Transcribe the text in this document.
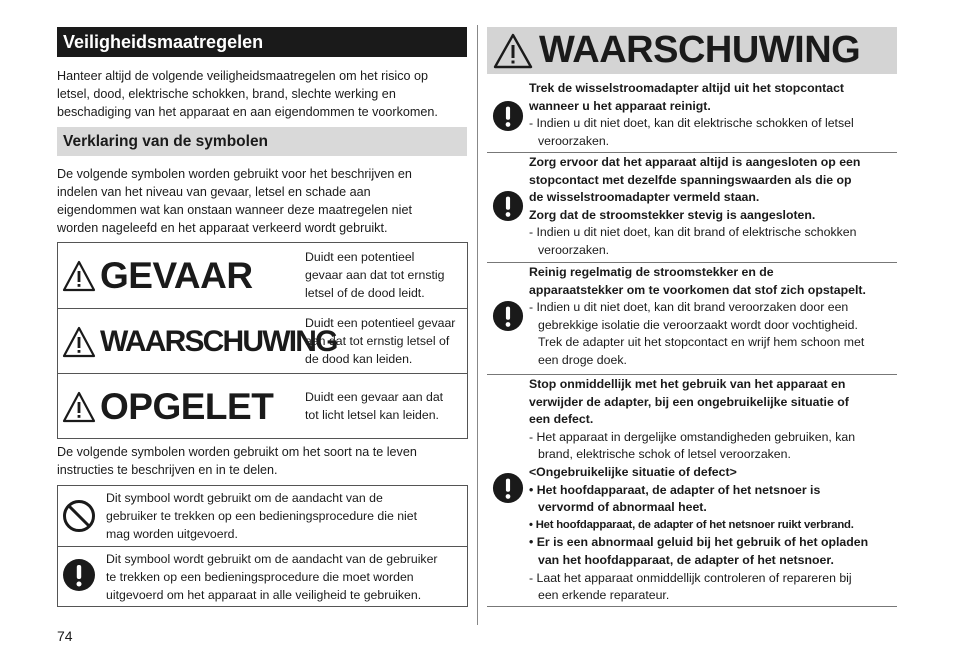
Veiligheidsmaatregelen
Hanteer altijd de volgende veiligheidsmaatregelen om het risico op
letsel, dood, elektrische schokken, brand, slechte werking en
beschadiging van het apparaat en aan eigendommen te voorkomen.
Verklaring van de symbolen
De volgende symbolen worden gebruikt voor het beschrijven en
indelen van het niveau van gevaar, letsel en schade aan
eigendommen wat kan onstaan wanneer deze maatregelen niet
worden nageleefd en het apparaat verkeerd wordt gebruikt.
GEVAAR	Duidt een potentieel
gevaar aan dat tot ernstig
letsel of de dood leidt.
WAARSCHUWING
Duidt een potentieel gevaar
aan dat tot ernstig letsel of
de dood kan leiden.
OPGELET	Duidt een gevaar aan dat
tot licht letsel kan leiden.
De volgende symbolen worden gebruikt om het soort na te leven
instructies te beschrijven en in te delen.
Dit symbool wordt gebruikt om de aandacht van de
gebruiker te trekken op een bedieningsprocedure die niet
mag worden uitgevoerd.
Dit symbool wordt gebruikt om de aandacht van de gebruiker
te trekken op een bedieningsprocedure die moet worden
uitgevoerd om het apparaat in alle veiligheid te gebruiken.
74
WAARSCHUWING
Trek de wisselstroomadapter altijd uit het stopcontact
wanneer u het apparaat reinigt.
- Indien u dit niet doet, kan dit elektrische schokken of letsel
veroorzaken.
Zorg ervoor dat het apparaat altijd is aangesloten op een
stopcontact met dezelfde spanningswaarden als die op
de wisselstroomadapter vermeld staan.
Zorg dat de stroomstekker stevig is aangesloten.
- Indien u dit niet doet, kan dit brand of elektrische schokken
veroorzaken.
Reinig regelmatig de stroomstekker en de
apparaatstekker om te voorkomen dat stof zich opstapelt.
- Indien u dit niet doet, kan dit brand veroorzaken door een
gebrekkige isolatie die veroorzaakt wordt door vochtigheid.
Trek de adapter uit het stopcontact en wrijf hem schoon met
een droge doek.
Stop onmiddellijk met het gebruik van het apparaat en
verwijder de adapter, bij een ongebruikelijke situatie of
een defect.
- Het apparaat in dergelijke omstandigheden gebruiken, kan
brand, elektrische schok of letsel veroorzaken.
<Ongebruikelijke situatie of defect>
• Het hoofdapparaat, de adapter of het netsnoer is
vervormd of abnormaal heet.
• Het hoofdapparaat, de adapter of het netsnoer ruikt verbrand.
• Er is een abnormaal geluid bij het gebruik of het opladen
van het hoofdapparaat, de adapter of het netsnoer.
- Laat het apparaat onmiddellijk controleren of repareren bij
een erkende reparateur.
